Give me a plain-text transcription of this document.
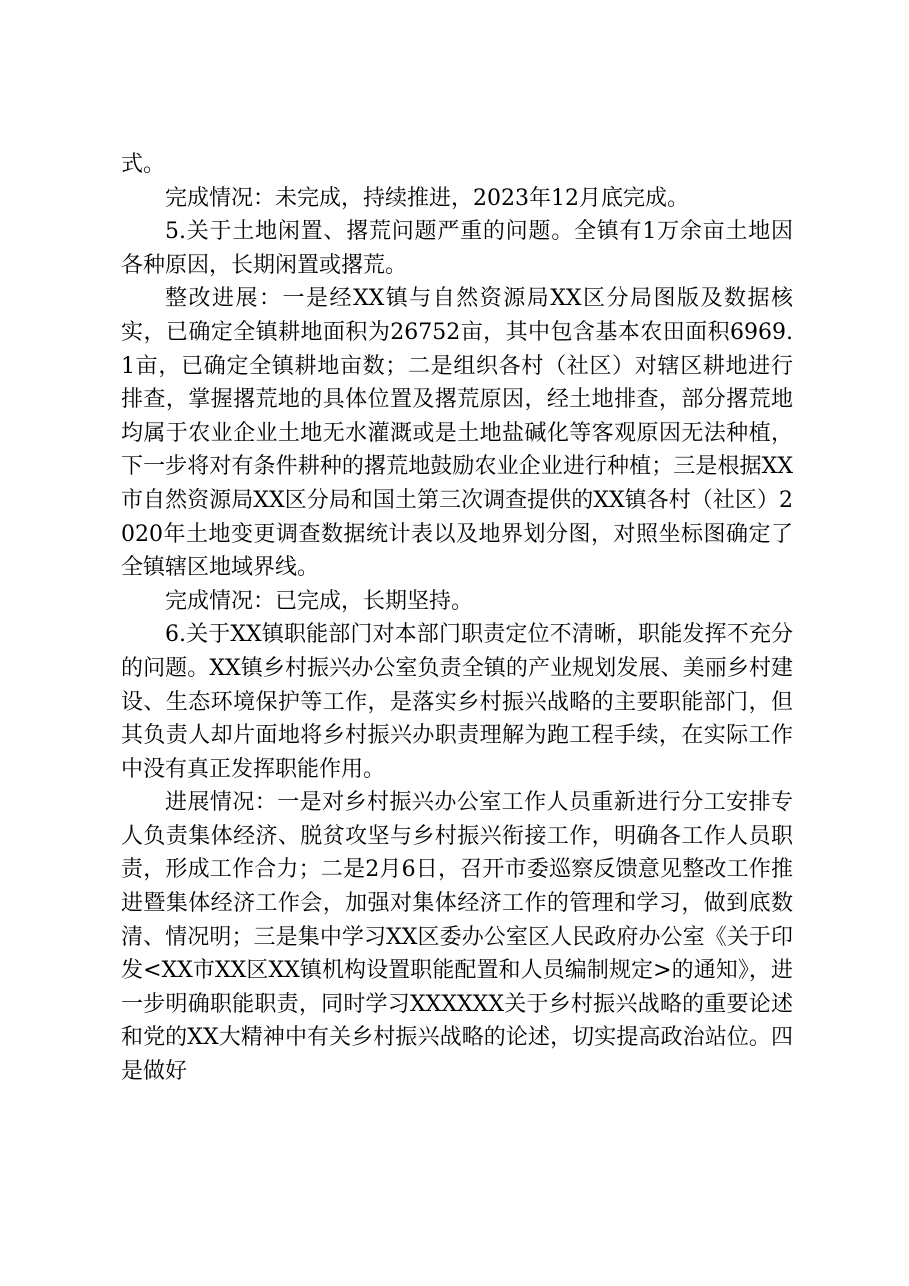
式。

完成情况：未完成，持续推进，2023年12月底完成。

5.关于土地闲置、撂荒问题严重的问题。全镇有1万余亩土地因各种原因，长期闲置或撂荒。

整改进展：一是经XX镇与自然资源局XX区分局图版及数据核实，已确定全镇耕地面积为26752亩，其中包含基本农田面积6969.1亩，已确定全镇耕地亩数；二是组织各村（社区）对辖区耕地进行排查，掌握撂荒地的具体位置及撂荒原因，经土地排查，部分撂荒地均属于农业企业土地无水灌溉或是土地盐碱化等客观原因无法种植，下一步将对有条件耕种的撂荒地鼓励农业企业进行种植；三是根据XX市自然资源局XX区分局和国土第三次调查提供的XX镇各村（社区）2020年土地变更调查数据统计表以及地界划分图，对照坐标图确定了全镇辖区地域界线。

完成情况：已完成，长期坚持。

6.关于XX镇职能部门对本部门职责定位不清晰，职能发挥不充分的问题。XX镇乡村振兴办公室负责全镇的产业规划发展、美丽乡村建设、生态环境保护等工作，是落实乡村振兴战略的主要职能部门，但其负责人却片面地将乡村振兴办职责理解为跑工程手续，在实际工作中没有真正发挥职能作用。

进展情况：一是对乡村振兴办公室工作人员重新进行分工安排专人负责集体经济、脱贫攻坚与乡村振兴衔接工作，明确各工作人员职责，形成工作合力；二是2月6日，召开市委巡察反馈意见整改工作推进暨集体经济工作会，加强对集体经济工作的管理和学习，做到底数清、情况明；三是集中学习XX区委办公室区人民政府办公室《关于印发<XX市XX区XX镇机构设置职能配置和人员编制规定>的通知》，进一步明确职能职责，同时学习XXXXXX关于乡村振兴战略的重要论述和党的XX大精神中有关乡村振兴战略的论述，切实提高政治站位。四是做好
